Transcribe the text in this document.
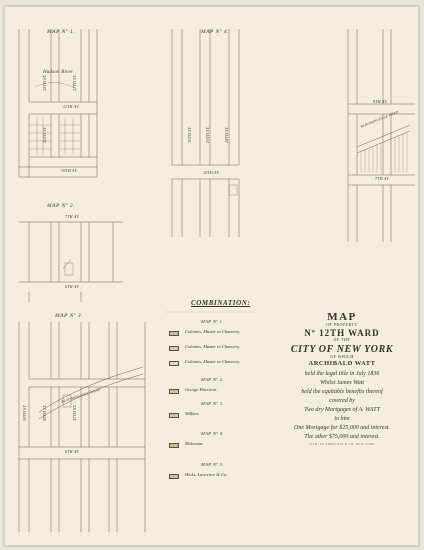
MAP Nº 1.
Hudson River
11TH AV.
10TH AV.
MAP Nº 4.
10TH AV.
9TH AV.
7TH AV.
BLOOMINGDALE ROAD
MAP Nº 2.
7TH AV.
6TH AV.
MAP Nº 3.
BLOOMINGDALE ROAD
6TH AV.
28TH ST.	27TH ST.
26TH ST.	30TH ST.	29TH ST.	28TH ST.
50TH ST.	48TH ST.	47TH ST.
COMBINATION:
MAP Nº 1.
Colonies, Master in Chancery.
Colonies, Master in Chancery.
Colonies, Master in Chancery.
MAP Nº 2.
George Harrison.
MAP Nº 3.
Wilkins.
MAP Nº 4.
Molenaar.
MAP Nº 5.
Hicks, Lawrence & Co.
MAP
OF PROPERTY
Nº 12TH WARD
OF THE
CITY OF NEW YORK
OF WHICH
ARCHIBALD WATT
held the legal title in July 1836
Whilst James Watt
held the equitable benefits thereof
covered by
Two dry Mortgages of A. WATT
to him
One Mortgage for $25,000 and interest.
The other $75,000 and interest.
LITH. OF ENDICOTT & CO. NEW YORK
